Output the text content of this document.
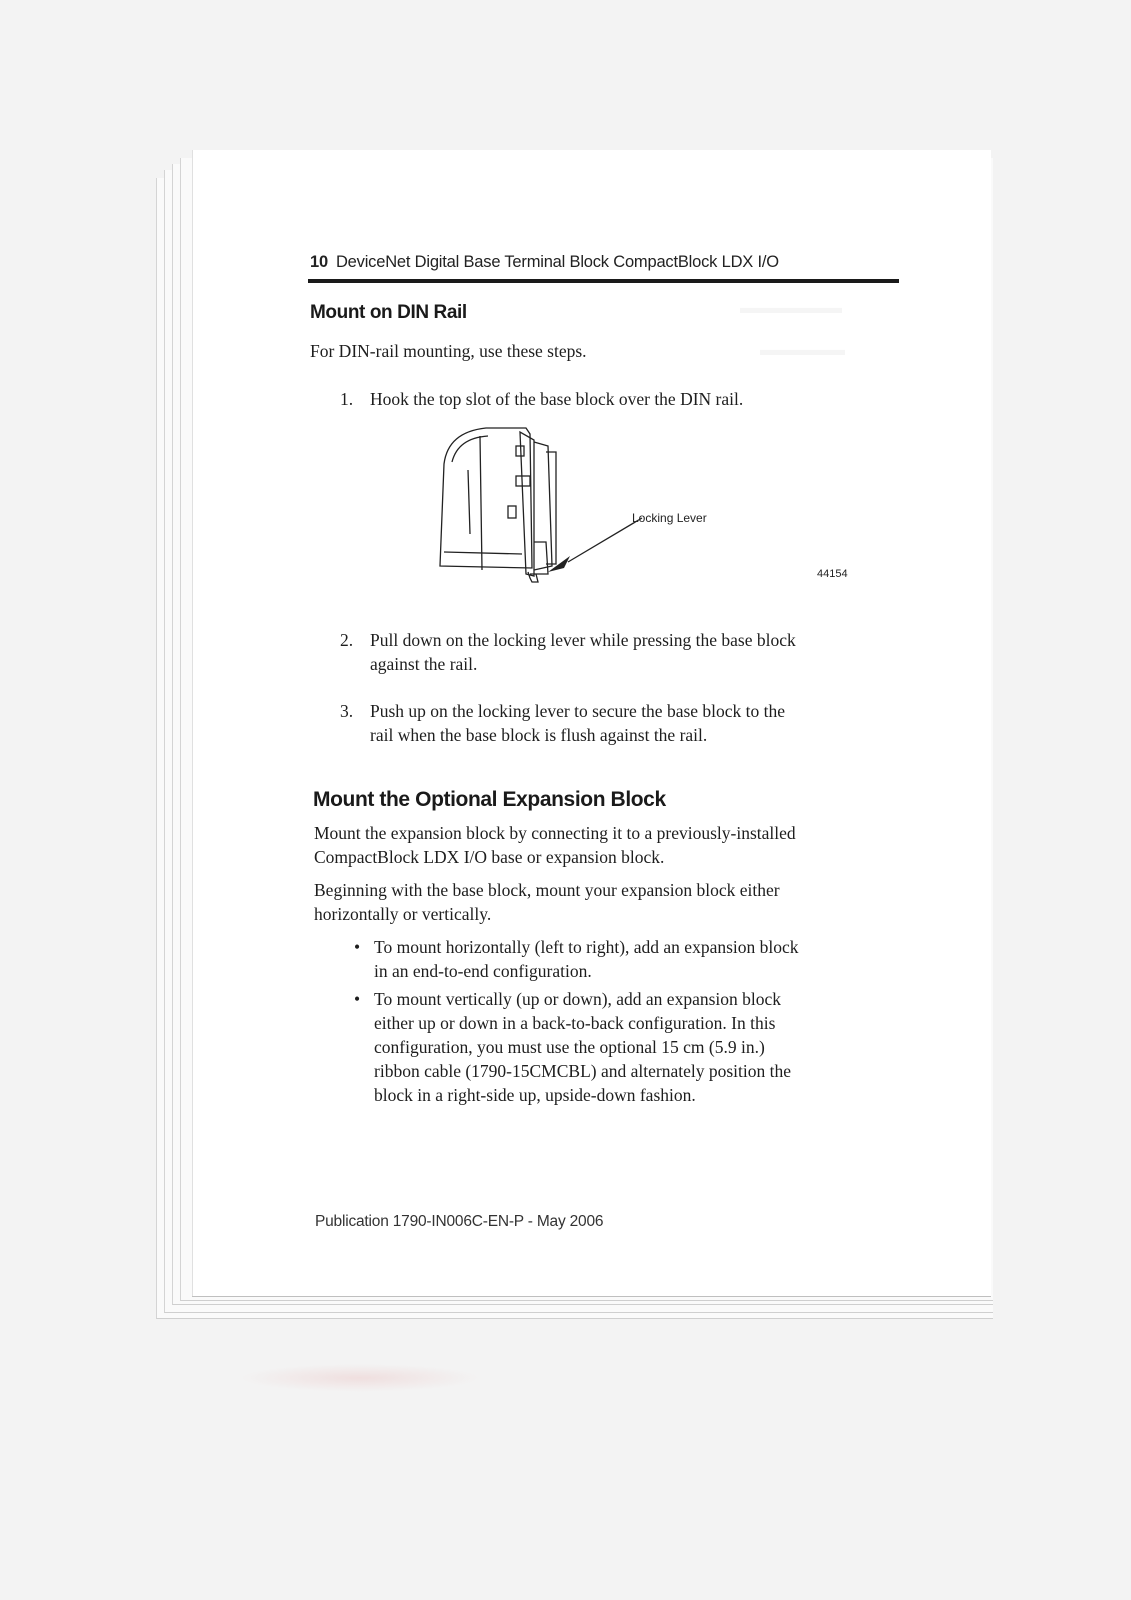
▬▬▬▬▬▬
▬▬▬▬▬
10 DeviceNet Digital Base Terminal Block CompactBlock LDX I/O
Mount on DIN Rail
For DIN-rail mounting, use these steps.
1. Hook the top slot of the base block over the DIN rail.
Locking Lever
44154
2. Pull down on the locking lever while pressing the base block
against the rail.
3. Push up on the locking lever to secure the base block to the
rail when the base block is flush against the rail.
Mount the Optional Expansion Block
Mount the expansion block by connecting it to a previously-installed
CompactBlock LDX I/O base or expansion block.
Beginning with the base block, mount your expansion block either
horizontally or vertically.
• To mount horizontally (left to right), add an expansion block
in an end-to-end configuration.
• To mount vertically (up or down), add an expansion block
either up or down in a back-to-back configuration. In this
configuration, you must use the optional 15 cm (5.9 in.)
ribbon cable (1790-15CMCBL) and alternately position the
block in a right-side up, upside-down fashion.
Publication 1790-IN006C-EN-P - May 2006
